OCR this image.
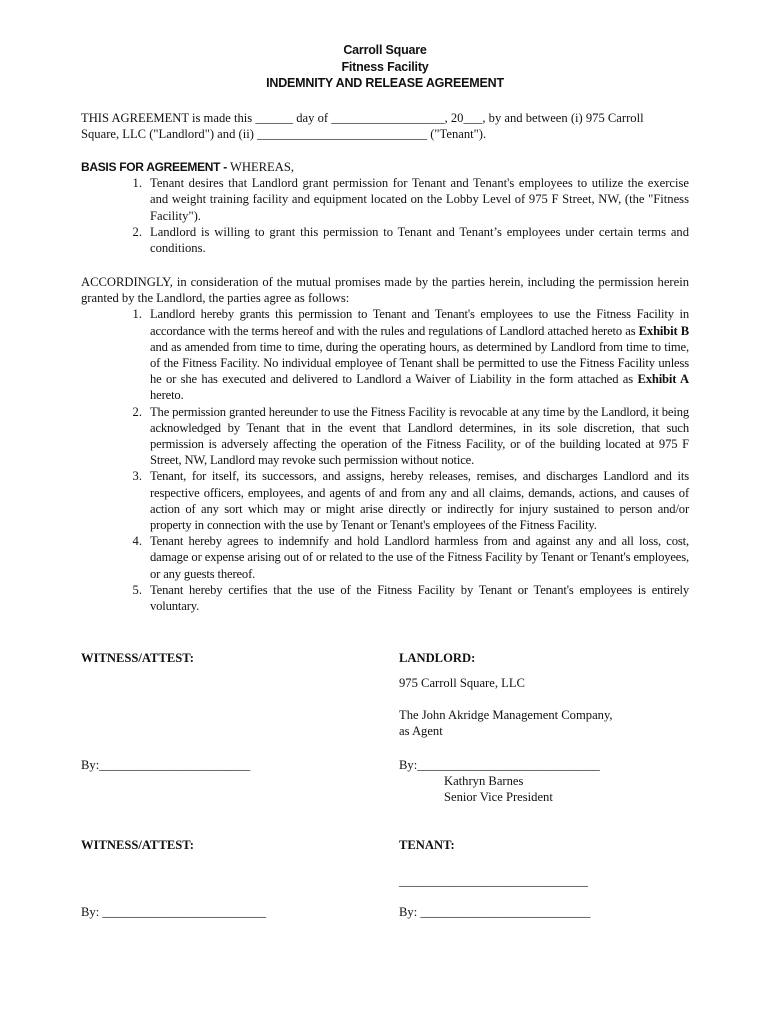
Carroll Square
Fitness Facility
INDEMNITY AND RELEASE AGREEMENT
THIS AGREEMENT is made this ______ day of __________________, 20___, by and between (i) 975 Carroll
Square, LLC ("Landlord") and (ii) ___________________________ ("Tenant").
BASIS FOR AGREEMENT - WHEREAS,
1. Tenant desires that Landlord grant permission for Tenant and Tenant's employees to utilize the exercise and weight training facility and equipment located on the Lobby Level of 975 F Street, NW, (the "Fitness Facility").
2. Landlord is willing to grant this permission to Tenant and Tenant’s employees under certain terms and conditions.
ACCORDINGLY, in consideration of the mutual promises made by the parties herein, including the permission herein granted by the Landlord, the parties agree as follows:
1. Landlord hereby grants this permission to Tenant and Tenant's employees to use the Fitness Facility in accordance with the terms hereof and with the rules and regulations of Landlord attached hereto as Exhibit B and as amended from time to time, during the operating hours, as determined by Landlord from time to time, of the Fitness Facility. No individual employee of Tenant shall be permitted to use the Fitness Facility unless he or she has executed and delivered to Landlord a Waiver of Liability in the form attached as Exhibit A hereto.
2. The permission granted hereunder to use the Fitness Facility is revocable at any time by the Landlord, it being acknowledged by Tenant that in the event that Landlord determines, in its sole discretion, that such permission is adversely affecting the operation of the Fitness Facility, or of the building located at 975 F Street, NW, Landlord may revoke such permission without notice.
3. Tenant, for itself, its successors, and assigns, hereby releases, remises, and discharges Landlord and its respective officers, employees, and agents of and from any and all claims, demands, actions, and causes of action of any sort which may or might arise directly or indirectly for injury sustained to person and/or property in connection with the use by Tenant or Tenant's employees of the Fitness Facility.
4. Tenant hereby agrees to indemnify and hold Landlord harmless from and against any and all loss, cost, damage or expense arising out of or related to the use of the Fitness Facility by Tenant or Tenant's employees, or any guests thereof.
5. Tenant hereby certifies that the use of the Fitness Facility by Tenant or Tenant's employees is entirely voluntary.
WITNESS/ATTEST:	LANDLORD:
975 Carroll Square, LLC
The John Akridge Management Company,
as Agent
By:________________________	By:_____________________________
Kathryn Barnes
Senior Vice President
WITNESS/ATTEST:	TENANT:
______________________________
By: __________________________	By: ___________________________
